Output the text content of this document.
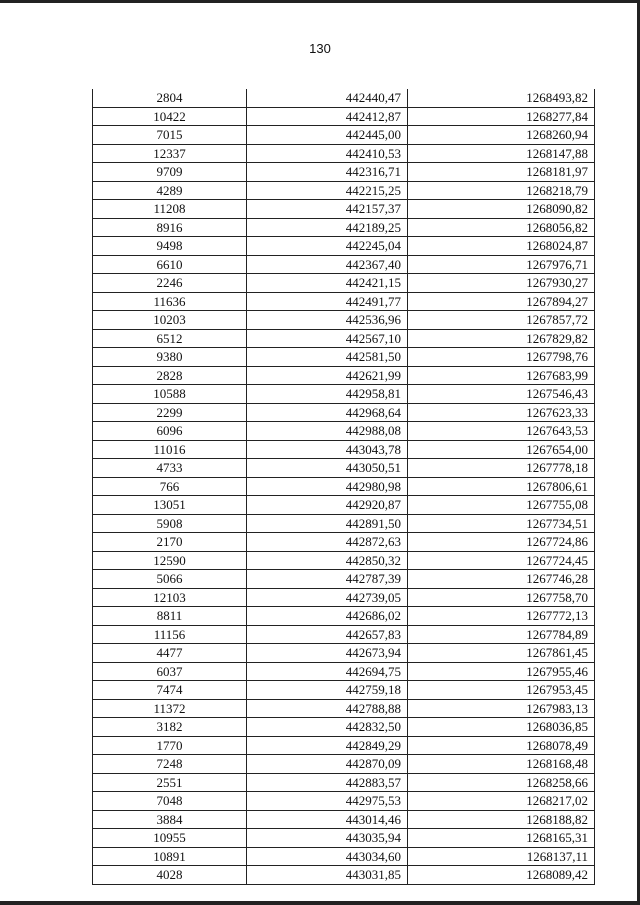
130
2804	442440,47	1268493,82
10422	442412,87	1268277,84
7015	442445,00	1268260,94
12337	442410,53	1268147,88
9709	442316,71	1268181,97
4289	442215,25	1268218,79
11208	442157,37	1268090,82
8916	442189,25	1268056,82
9498	442245,04	1268024,87
6610	442367,40	1267976,71
2246	442421,15	1267930,27
11636	442491,77	1267894,27
10203	442536,96	1267857,72
6512	442567,10	1267829,82
9380	442581,50	1267798,76
2828	442621,99	1267683,99
10588	442958,81	1267546,43
2299	442968,64	1267623,33
6096	442988,08	1267643,53
11016	443043,78	1267654,00
4733	443050,51	1267778,18
766	442980,98	1267806,61
13051	442920,87	1267755,08
5908	442891,50	1267734,51
2170	442872,63	1267724,86
12590	442850,32	1267724,45
5066	442787,39	1267746,28
12103	442739,05	1267758,70
8811	442686,02	1267772,13
11156	442657,83	1267784,89
4477	442673,94	1267861,45
6037	442694,75	1267955,46
7474	442759,18	1267953,45
11372	442788,88	1267983,13
3182	442832,50	1268036,85
1770	442849,29	1268078,49
7248	442870,09	1268168,48
2551	442883,57	1268258,66
7048	442975,53	1268217,02
3884	443014,46	1268188,82
10955	443035,94	1268165,31
10891	443034,60	1268137,11
4028	443031,85	1268089,42
